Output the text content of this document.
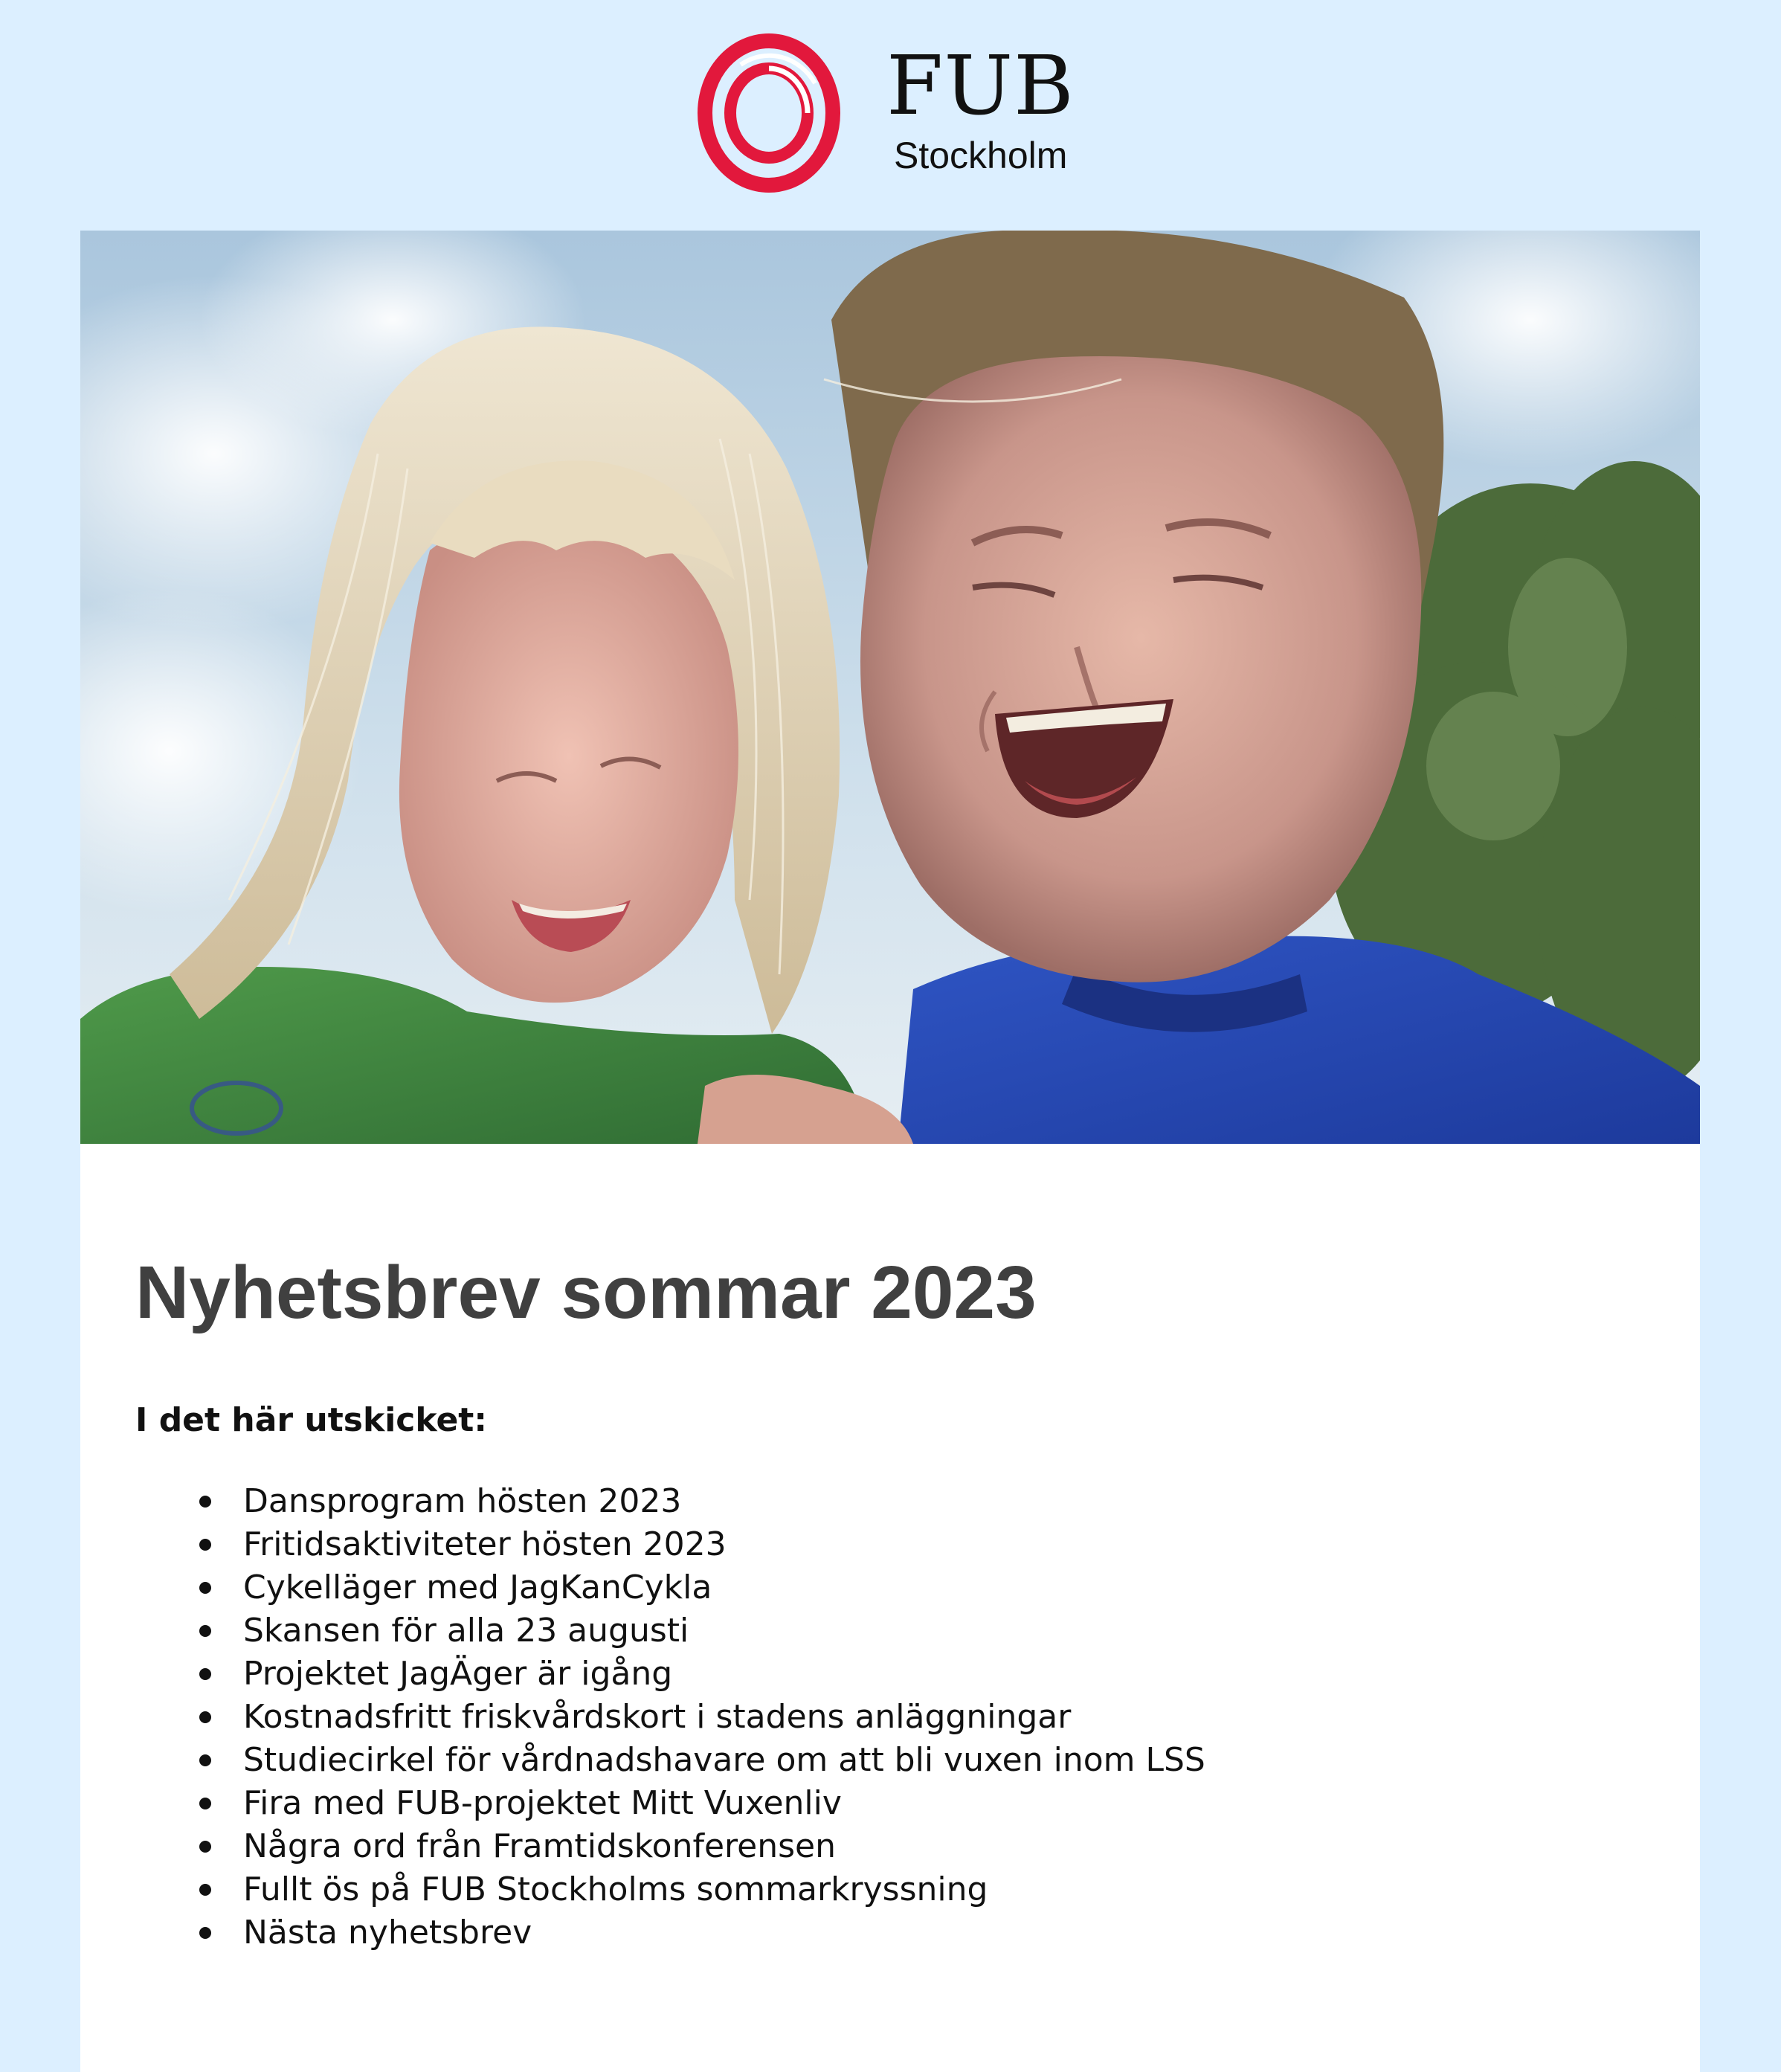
FUB
Stockholm
Nyhetsbrev sommar 2023

I det här utskicket:

Dansprogram hösten 2023
Fritidsaktiviteter hösten 2023
Cykelläger med JagKanCykla
Skansen för alla 23 augusti
Projektet JagÄger är igång
Kostnadsfritt friskvårdskort i stadens anläggningar
Studiecirkel för vårdnadshavare om att bli vuxen inom LSS
Fira med FUB-projektet Mitt Vuxenliv
Några ord från Framtidskonferensen
Fullt ös på FUB Stockholms sommarkryssning
Nästa nyhetsbrev
